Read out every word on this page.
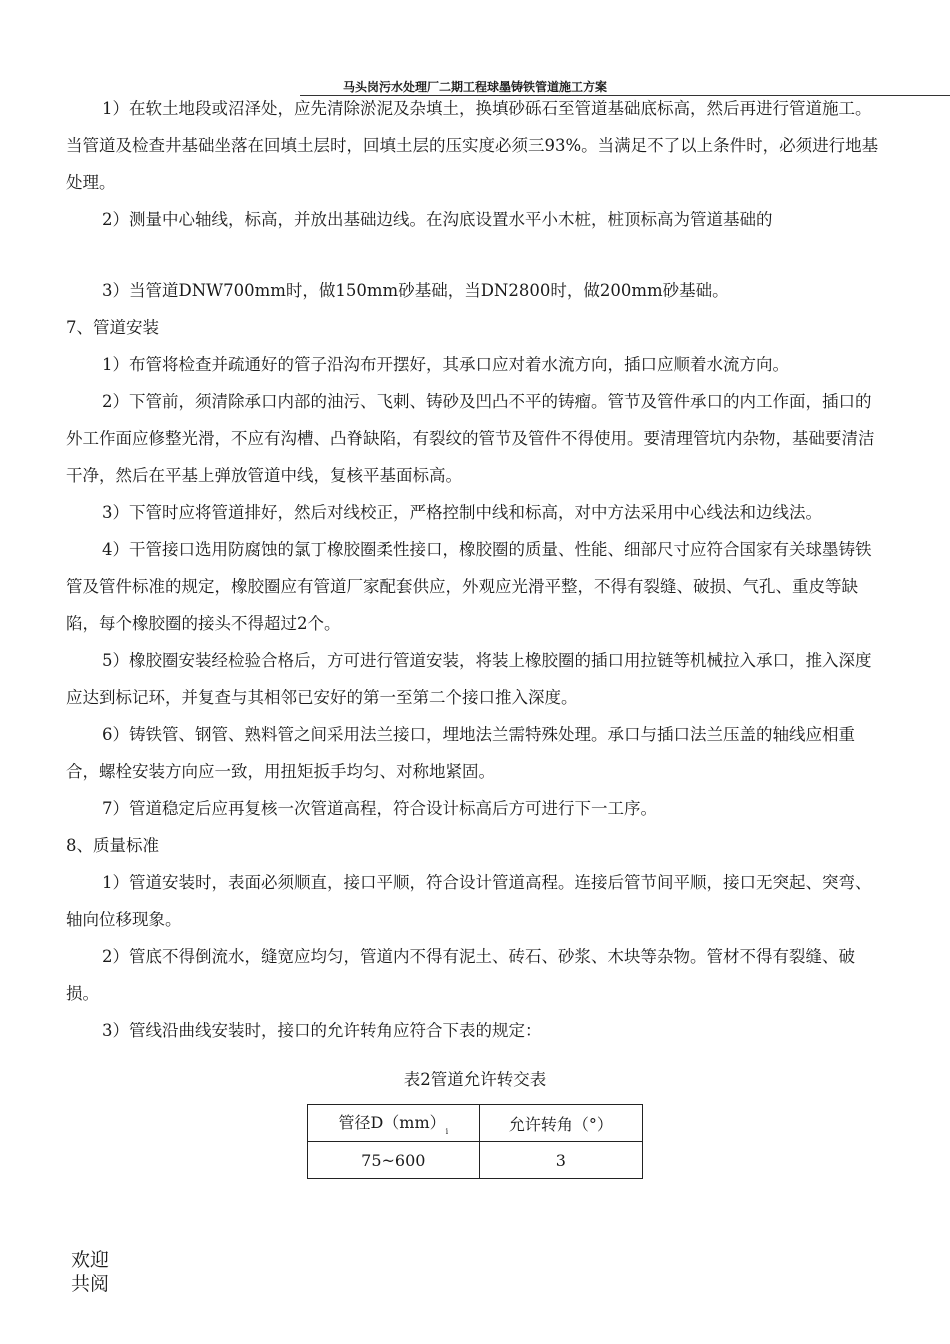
马头岗污水处理厂二期工程球墨铸铁管道施工方案

1）在软土地段或沼泽处，应先清除淤泥及杂填土，换填砂砾石至管道基础底标高，然后再进行管道施工。当管道及检查井基础坐落在回填土层时，回填土层的压实度必须三93%。当满足不了以上条件时，必须进行地基处理。

2）测量中心轴线，标高，并放出基础边线。在沟底设置水平小木桩，桩顶标高为管道基础的

3）当管道DNW700mm时，做150mm砂基础，当DN2800时，做200mm砂基础。

7、管道安装

1）布管将检查并疏通好的管子沿沟布开摆好，其承口应对着水流方向，插口应顺着水流方向。

2）下管前，须清除承口内部的油污、飞刺、铸砂及凹凸不平的铸瘤。管节及管件承口的内工作面，插口的外工作面应修整光滑，不应有沟槽、凸脊缺陷，有裂纹的管节及管件不得使用。要清理管坑内杂物，基础要清洁干净，然后在平基上弹放管道中线，复核平基面标高。

3）下管时应将管道排好，然后对线校正，严格控制中线和标高，对中方法采用中心线法和边线法。

4）干管接口选用防腐蚀的氯丁橡胶圈柔性接口，橡胶圈的质量、性能、细部尺寸应符合国家有关球墨铸铁管及管件标准的规定，橡胶圈应有管道厂家配套供应，外观应光滑平整，不得有裂缝、破损、气孔、重皮等缺陷，每个橡胶圈的接头不得超过2个。

5）橡胶圈安装经检验合格后，方可进行管道安装，将装上橡胶圈的插口用拉链等机械拉入承口，推入深度应达到标记环，并复查与其相邻已安好的第一至第二个接口推入深度。

6）铸铁管、钢管、熟料管之间采用法兰接口，埋地法兰需特殊处理。承口与插口法兰压盖的轴线应相重合，螺栓安装方向应一致，用扭矩扳手均匀、对称地紧固。

7）管道稳定后应再复核一次管道高程，符合设计标高后方可进行下一工序。

8、质量标准

1）管道安装时，表面必须顺直，接口平顺，符合设计管道高程。连接后管节间平顺，接口无突起、突弯、轴向位移现象。

2）管底不得倒流水，缝宽应均匀，管道内不得有泥土、砖石、砂浆、木块等杂物。管材不得有裂缝、破损。

3）管线沿曲线安装时，接口的允许转角应符合下表的规定：

表2管道允许转交表
管径$D(mm)_i$	允许转角（°）
75~600	3
欢迎共阅
